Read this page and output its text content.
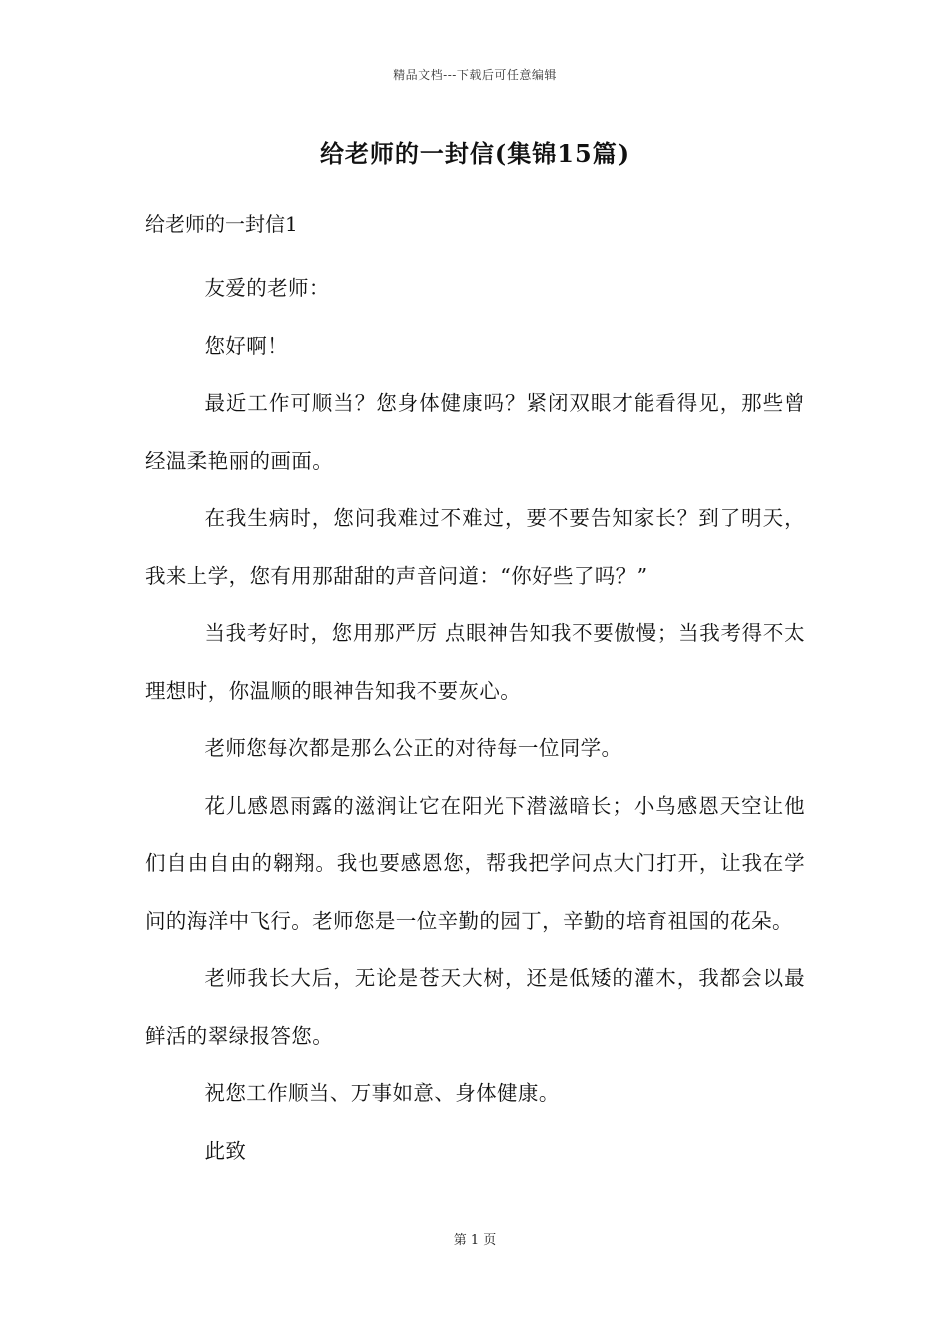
精品文档---下载后可任意编辑
给老师的一封信(集锦15篇)
给老师的一封信1

友爱的老师：

您好啊！

最近工作可顺当？您身体健康吗？紧闭双眼才能看得见，那些曾经温柔艳丽的画面。

在我生病时，您问我难过不难过，要不要告知家长？到了明天，我来上学，您有用那甜甜的声音问道：“你好些了吗？”

当我考好时，您用那严厉 点眼神告知我不要傲慢；当我考得不太理想时，你温顺的眼神告知我不要灰心。

老师您每次都是那么公正的对待每一位同学。

花儿感恩雨露的滋润让它在阳光下潜滋暗长；小鸟感恩天空让他们自由自由的翱翔。我也要感恩您，帮我把学问点大门打开，让我在学问的海洋中飞行。老师您是一位辛勤的园丁，辛勤的培育祖国的花朵。

老师我长大后，无论是苍天大树，还是低矮的灌木，我都会以最鲜活的翠绿报答您。

祝您工作顺当、万事如意、身体健康。

此致

第 1 页
